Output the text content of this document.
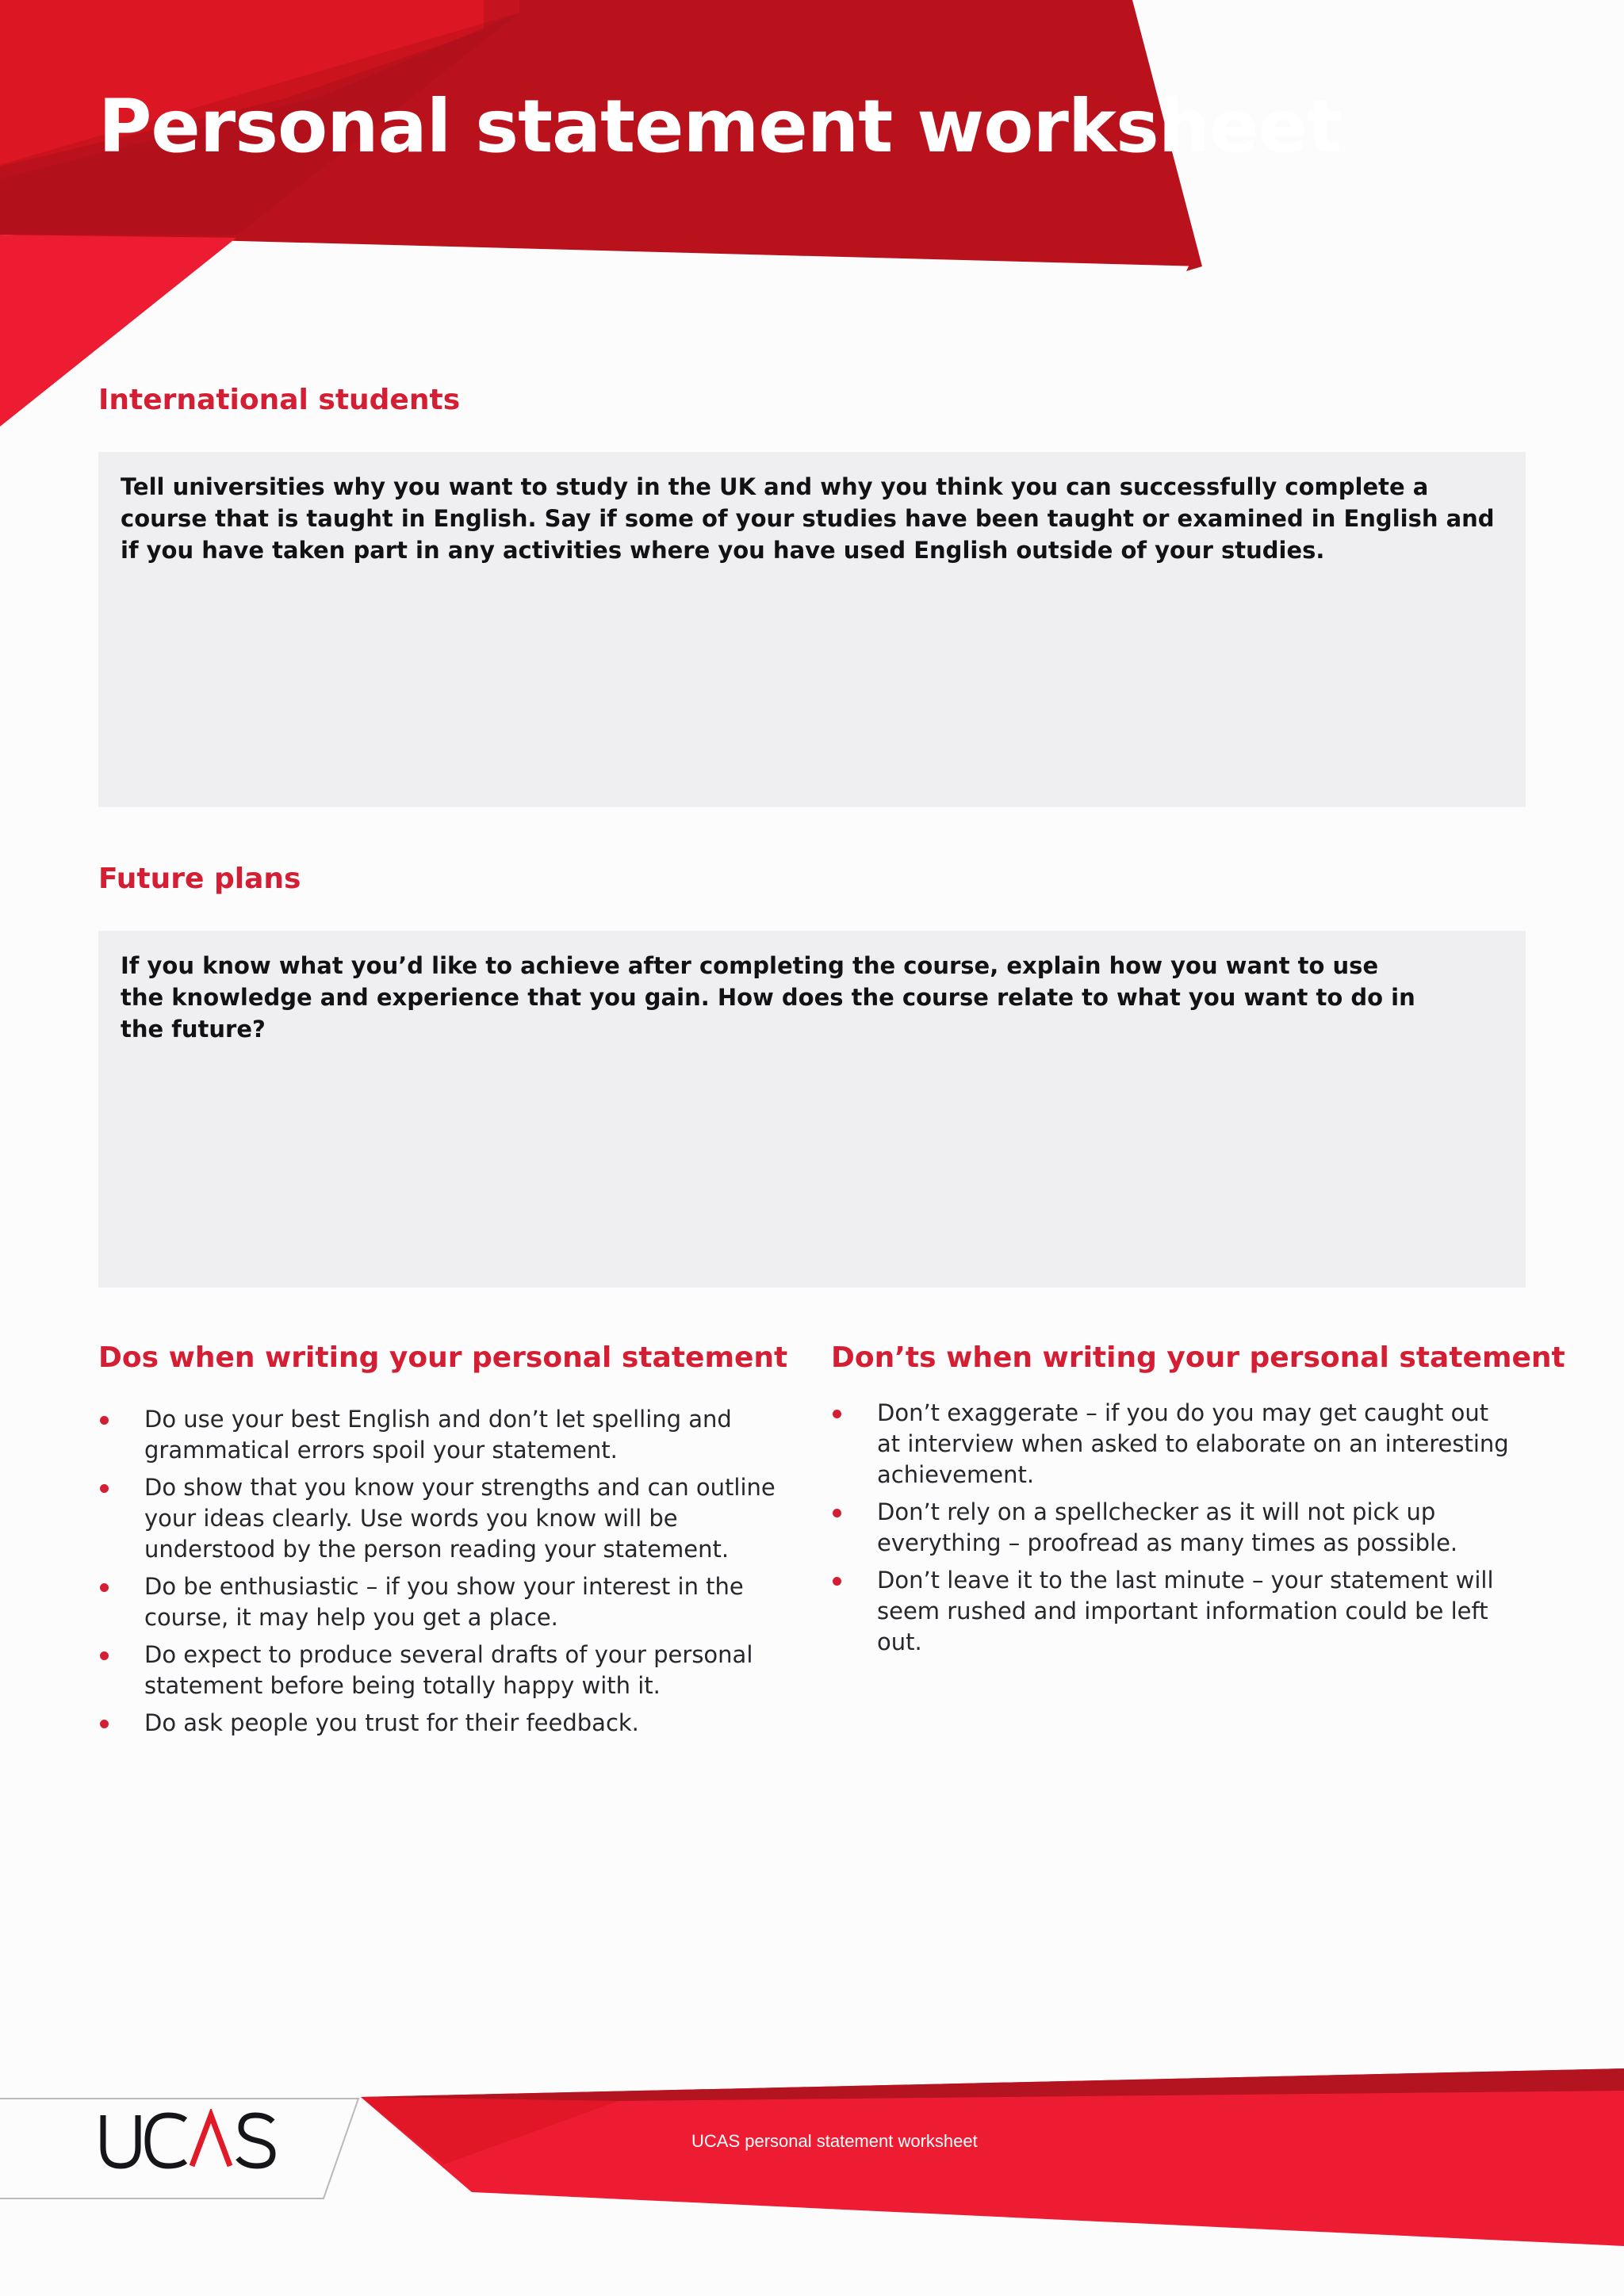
Personal statement worksheet
International students

Tell universities why you want to study in the UK and why you think you can successfully complete a course that is taught in English. Say if some of your studies have been taught or examined in English and if you have taken part in any activities where you have used English outside of your studies.

Future plans

If you know what you’d like to achieve after completing the course, explain how you want to use the knowledge and experience that you gain. How does the course relate to what you want to do in the future?

Dos when writing your personal statement
Do use your best English and don’t let spelling and grammatical errors spoil your statement.
Do show that you know your strengths and can outline your ideas clearly. Use words you know will be understood by the person reading your statement.
Do be enthusiastic – if you show your interest in the course, it may help you get a place.
Do expect to produce several drafts of your personal statement before being totally happy with it.
Do ask people you trust for their feedback.
Don’ts when writing your personal statement
Don’t exaggerate – if you do you may get caught out at interview when asked to elaborate on an interesting achievement.
Don’t rely on a spellchecker as it will not pick up everything – proofread as many times as possible.
Don’t leave it to the last minute – your statement will seem rushed and important information could be left out.
UCAS personal statement worksheet
